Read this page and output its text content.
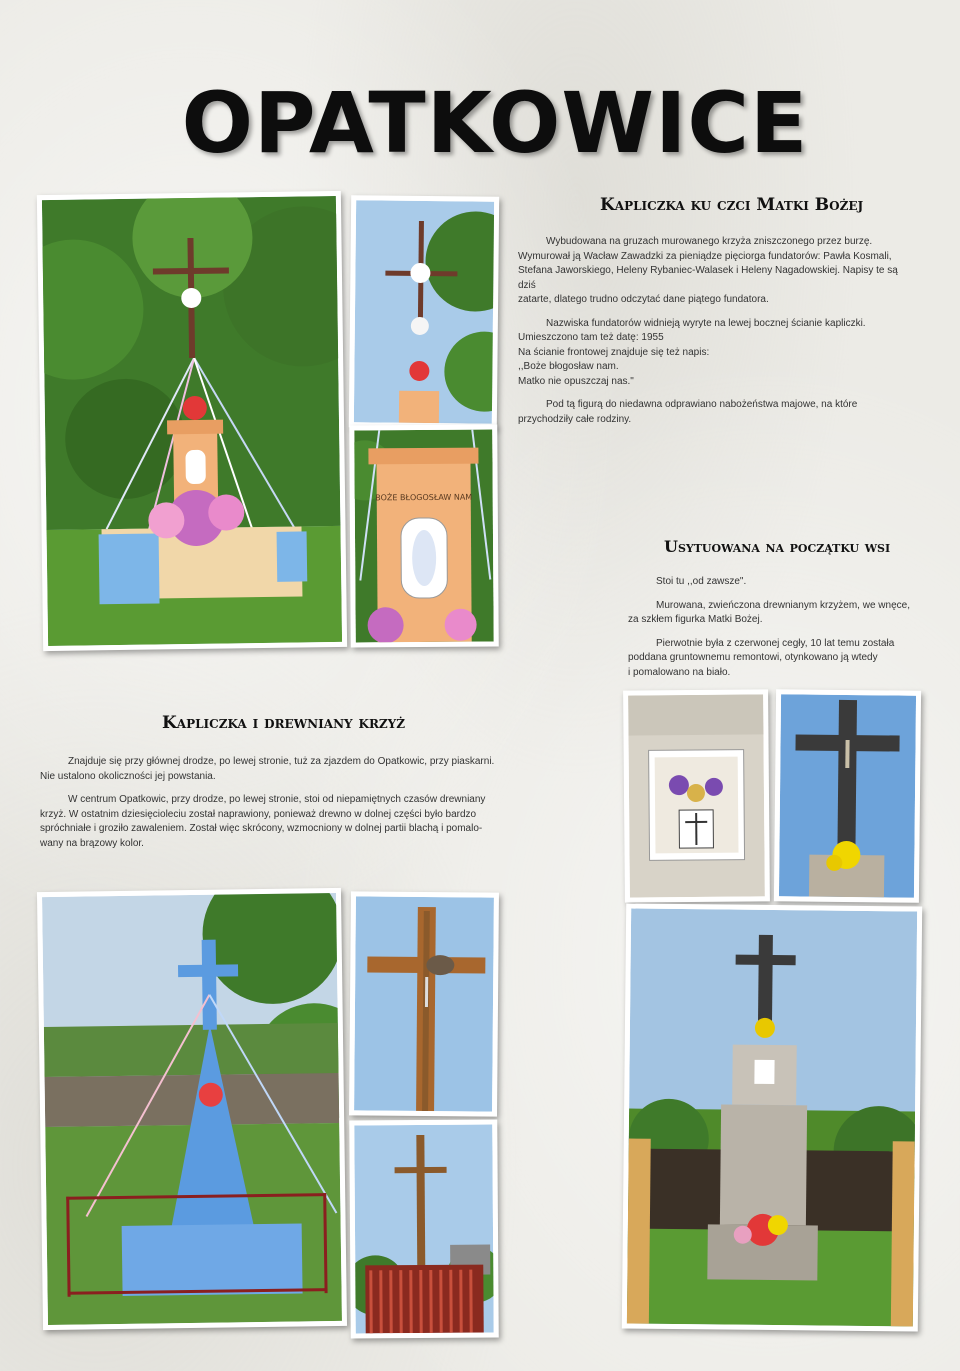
OPATKOWICE
Kapliczka ku czci Matki Bożej

Wybudowana na gruzach murowanego krzyża zniszczonego przez burzę.
Wymurował ją Wacław Zawadzki za pieniądze pięciorga fundatorów: Pawła Kosmali,
Stefana Jaworskiego, Heleny Rybaniec-Walasek i Heleny Nagadowskiej. Napisy te są dziś
zatarte, dlatego trudno odczytać dane piątego fundatora.

Nazwiska fundatorów widnieją wyryte na lewej bocznej ścianie kapliczki.
Umieszczono tam też datę: 1955
Na ścianie frontowej znajduje się też napis:
,,Boże błogosław nam.
Matko nie opuszczaj nas."

Pod tą figurą do niedawna odprawiano nabożeństwa majowe, na które
przychodziły całe rodziny.

Usytuowana na początku wsi

Stoi tu ,,od zawsze".

Murowana, zwieńczona drewnianym krzyżem, we wnęce,
za szkłem figurka Matki Bożej.

Pierwotnie była z czerwonej cegły, 10 lat temu została
poddana gruntownemu remontowi, otynkowano ją wtedy
i pomalowano na biało.

Kapliczka i drewniany krzyż

Znajduje się przy głównej drodze, po lewej stronie, tuż za zjazdem do Opatkowic, przy piaskarni.
Nie ustalono okoliczności jej powstania.

W centrum Opatkowic, przy drodze, po lewej stronie, stoi od niepamiętnych czasów drewniany
krzyż. W ostatnim dziesięcioleciu został naprawiony, ponieważ drewno w dolnej części było bardzo
spróchniałe i groziło zawaleniem. Został więc skrócony, wzmocniony w dolnej partii blachą i pomalo-
wany na brązowy kolor.

BOŻE BŁOGOSŁAW NAM
